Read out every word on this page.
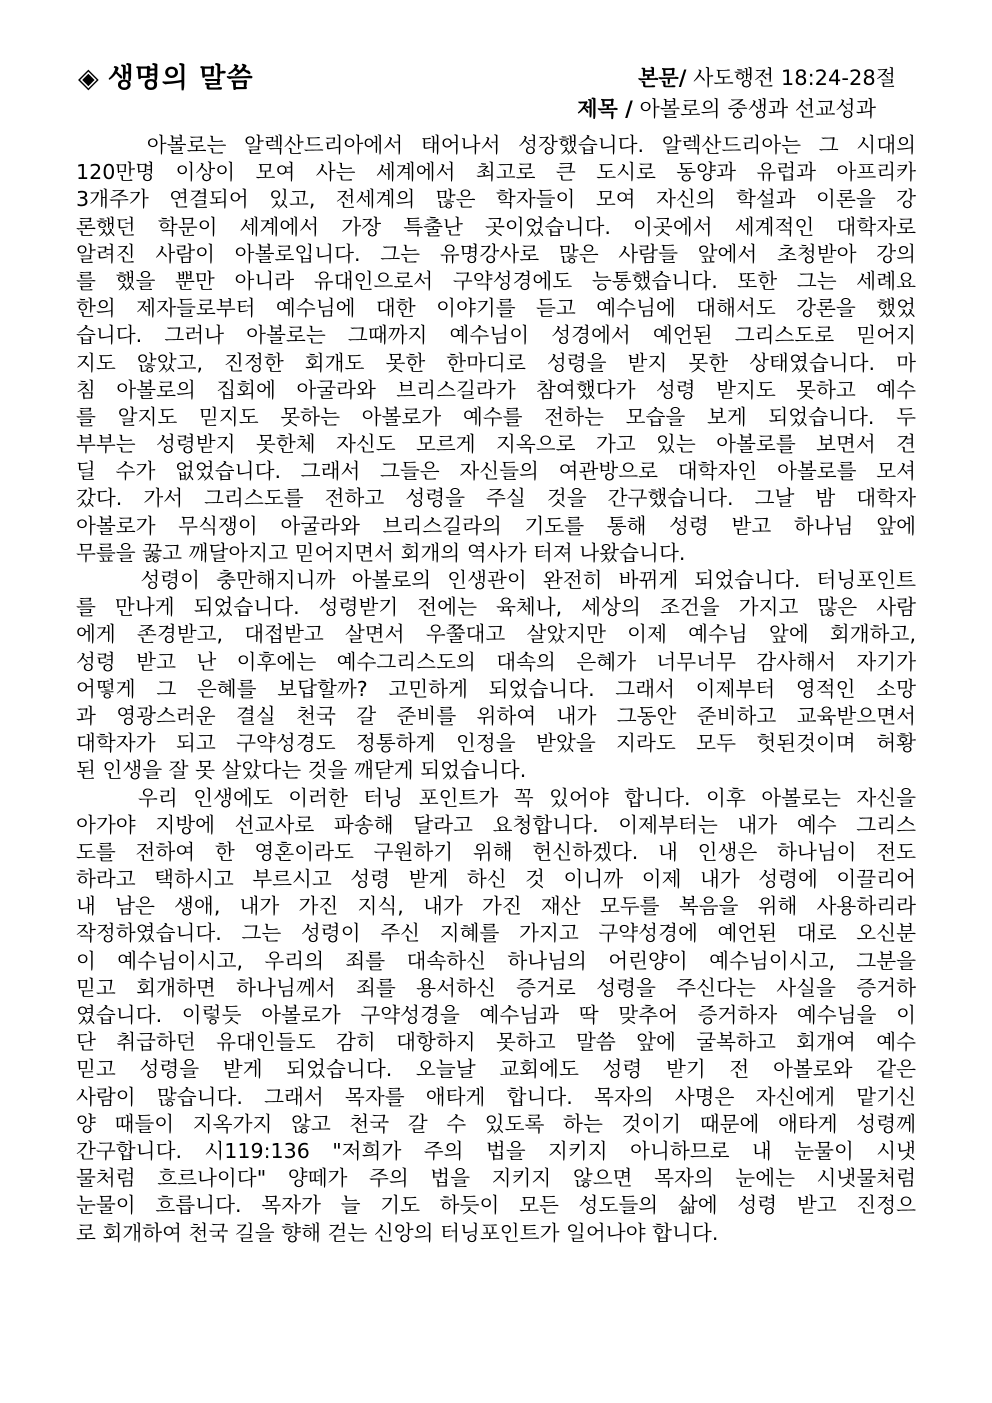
◈ 생명의 말씀	본문/ 사도행전 18:24-28절
제목 / 아볼로의 중생과 선교성과
아볼로는 알렉산드리아에서 태어나서 성장했습니다. 알렉산드리아는 그 시대의
120만명 이상이 모여 사는 세계에서 최고로 큰 도시로 동양과 유럽과 아프리카
3개주가 연결되어 있고, 전세계의 많은 학자들이 모여 자신의 학설과 이론을 강
론했던 학문이 세계에서 가장 특출난 곳이었습니다. 이곳에서 세계적인 대학자로
알려진 사람이 아볼로입니다. 그는 유명강사로 많은 사람들 앞에서 초청받아 강의
를 했을 뿐만 아니라 유대인으로서 구약성경에도 능통했습니다. 또한 그는 세례요
한의 제자들로부터 예수님에 대한 이야기를 듣고 예수님에 대해서도 강론을 했었
습니다. 그러나 아볼로는 그때까지 예수님이 성경에서 예언된 그리스도로 믿어지
지도 않았고, 진정한 회개도 못한 한마디로 성령을 받지 못한 상태였습니다. 마
침 아볼로의 집회에 아굴라와 브리스길라가 참여했다가 성령 받지도 못하고 예수
를 알지도 믿지도 못하는 아볼로가 예수를 전하는 모습을 보게 되었습니다. 두
부부는 성령받지 못한체 자신도 모르게 지옥으로 가고 있는 아볼로를 보면서 견
딜 수가 없었습니다. 그래서 그들은 자신들의 여관방으로 대학자인 아볼로를 모셔
갔다. 가서 그리스도를 전하고 성령을 주실 것을 간구했습니다. 그날 밤 대학자
아볼로가 무식쟁이 아굴라와 브리스길라의 기도를 통해 성령 받고 하나님 앞에
무릎을 꿇고 깨달아지고 믿어지면서 회개의 역사가 터져 나왔습니다.
성령이 충만해지니까 아볼로의 인생관이 완전히 바뀌게 되었습니다. 터닝포인트
를 만나게 되었습니다. 성령받기 전에는 육체나, 세상의 조건을 가지고 많은 사람
에게 존경받고, 대접받고 살면서 우쭐대고 살았지만 이제 예수님 앞에 회개하고,
성령 받고 난 이후에는 예수그리스도의 대속의 은혜가 너무너무 감사해서 자기가
어떻게 그 은혜를 보답할까? 고민하게 되었습니다. 그래서 이제부터 영적인 소망
과 영광스러운 결실 천국 갈 준비를 위하여 내가 그동안 준비하고 교육받으면서
대학자가 되고 구약성경도 정통하게 인정을 받았을 지라도 모두 헛된것이며 허황
된 인생을 잘 못 살았다는 것을 깨닫게 되었습니다.
우리 인생에도 이러한 터닝 포인트가 꼭 있어야 합니다. 이후 아볼로는 자신을
아가야 지방에 선교사로 파송해 달라고 요청합니다. 이제부터는 내가 예수 그리스
도를 전하여 한 영혼이라도 구원하기 위해 헌신하겠다. 내 인생은 하나님이 전도
하라고 택하시고 부르시고 성령 받게 하신 것 이니까 이제 내가 성령에 이끌리어
내 남은 생애, 내가 가진 지식, 내가 가진 재산 모두를 복음을 위해 사용하리라
작정하였습니다. 그는 성령이 주신 지혜를 가지고 구약성경에 예언된 대로 오신분
이 예수님이시고, 우리의 죄를 대속하신 하나님의 어린양이 예수님이시고, 그분을
믿고 회개하면 하나님께서 죄를 용서하신 증거로 성령을 주신다는 사실을 증거하
였습니다. 이렇듯 아볼로가 구약성경을 예수님과 딱 맞추어 증거하자 예수님을 이
단 취급하던 유대인들도 감히 대항하지 못하고 말씀 앞에 굴복하고 회개여 예수
믿고 성령을 받게 되었습니다. 오늘날 교회에도 성령 받기 전 아볼로와 같은
사람이 많습니다. 그래서 목자를 애타게 합니다. 목자의 사명은 자신에게 맡기신
양 때들이 지옥가지 않고 천국 갈 수 있도록 하는 것이기 때문에 애타게 성령께
간구합니다. 시119:136 "저희가 주의 법을 지키지 아니하므로 내 눈물이 시냇
물처럼 흐르나이다" 양떼가 주의 법을 지키지 않으면 목자의 눈에는 시냇물처럼
눈물이 흐릅니다. 목자가 늘 기도 하듯이 모든 성도들의 삶에 성령 받고 진정으
로 회개하여 천국 길을 향해 걷는 신앙의 터닝포인트가 일어나야 합니다.
